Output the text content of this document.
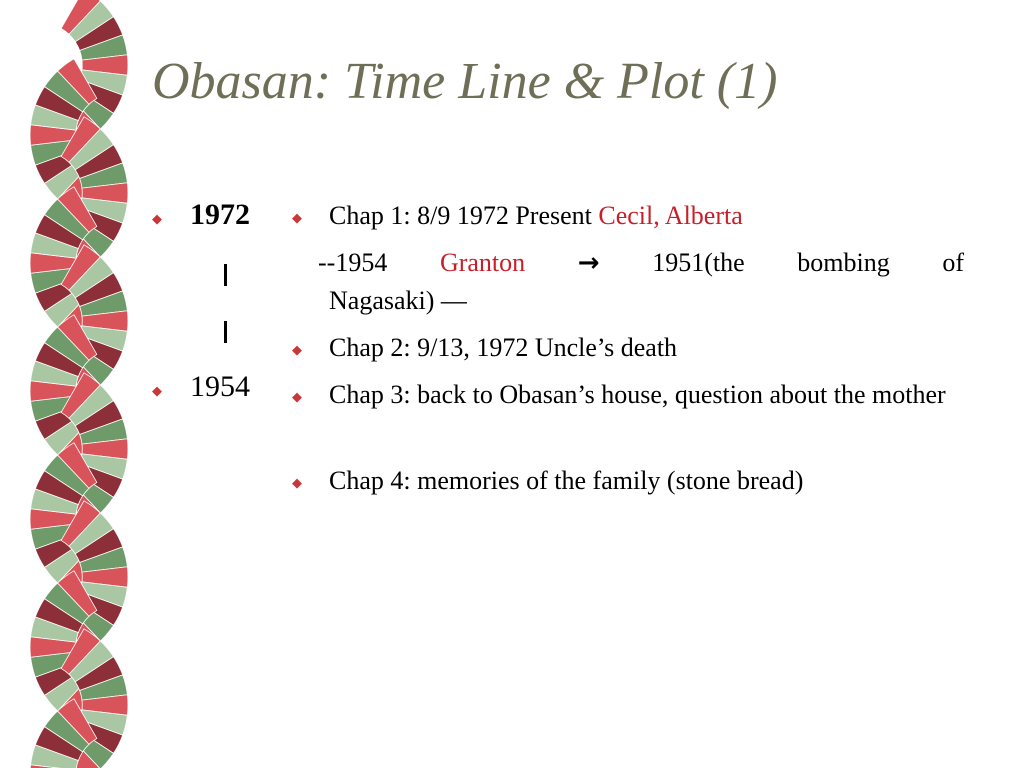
Obasan: Time Line & Plot (1)
◆ 1972
◆ 1954
◆ Chap 1: 8/9 1972 Present Cecil, Alberta
--1954 Granton → 1951(the bombing of
Nagasaki) —
◆ Chap 2: 9/13, 1972 Uncle’s death
◆ Chap 3: back to Obasan’s house, question about the mother
◆ Chap 4: memories of the family (stone bread)
